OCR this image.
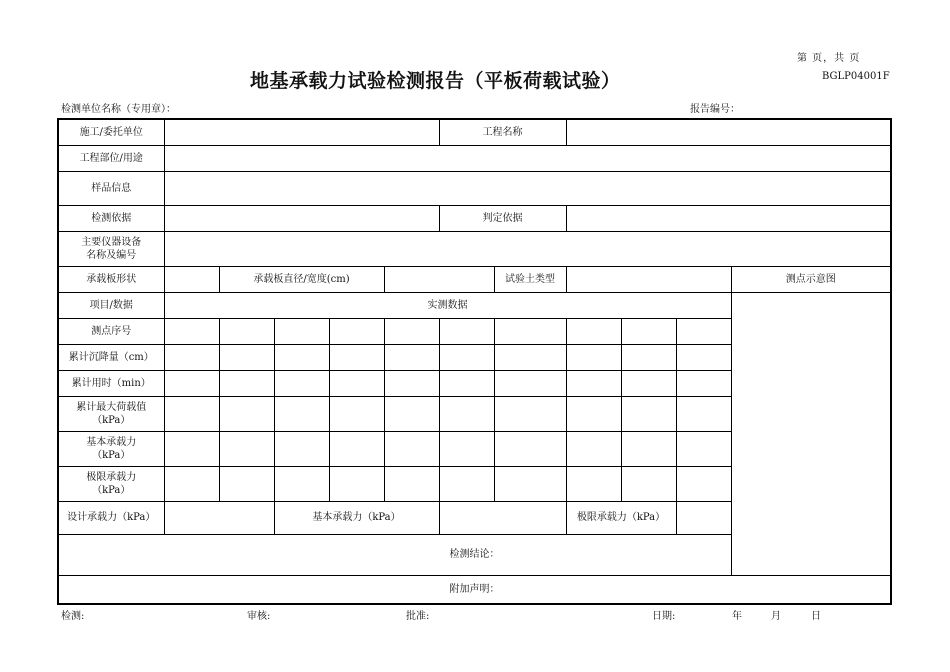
第 页，共 页
地基承载力试验检测报告（平板荷载试验）	BGLP04001F
检测单位名称（专用章）：	报告编号：
施工/委托单位						工程名称					
工程部位/用途											
样品信息											
检测依据						判定依据					

主要仪器设备
名称及编号											

承载板形状		承载板直径/宽度(cm)					试验土类型				测点示意图
项目/数据	实测数据										
测点序号											
累计沉降量（cm）											
累计用时（min）											

累计最大荷载值
（kPa）											

基本承载力
（kPa）											

极限承载力
（kPa）											

设计承载力（kPa）			基本承载力（kPa）					极限承载力（kPa）			
检测结论：											
附加声明：											
检测:	审核:	批准:	日期:	年	月	日
